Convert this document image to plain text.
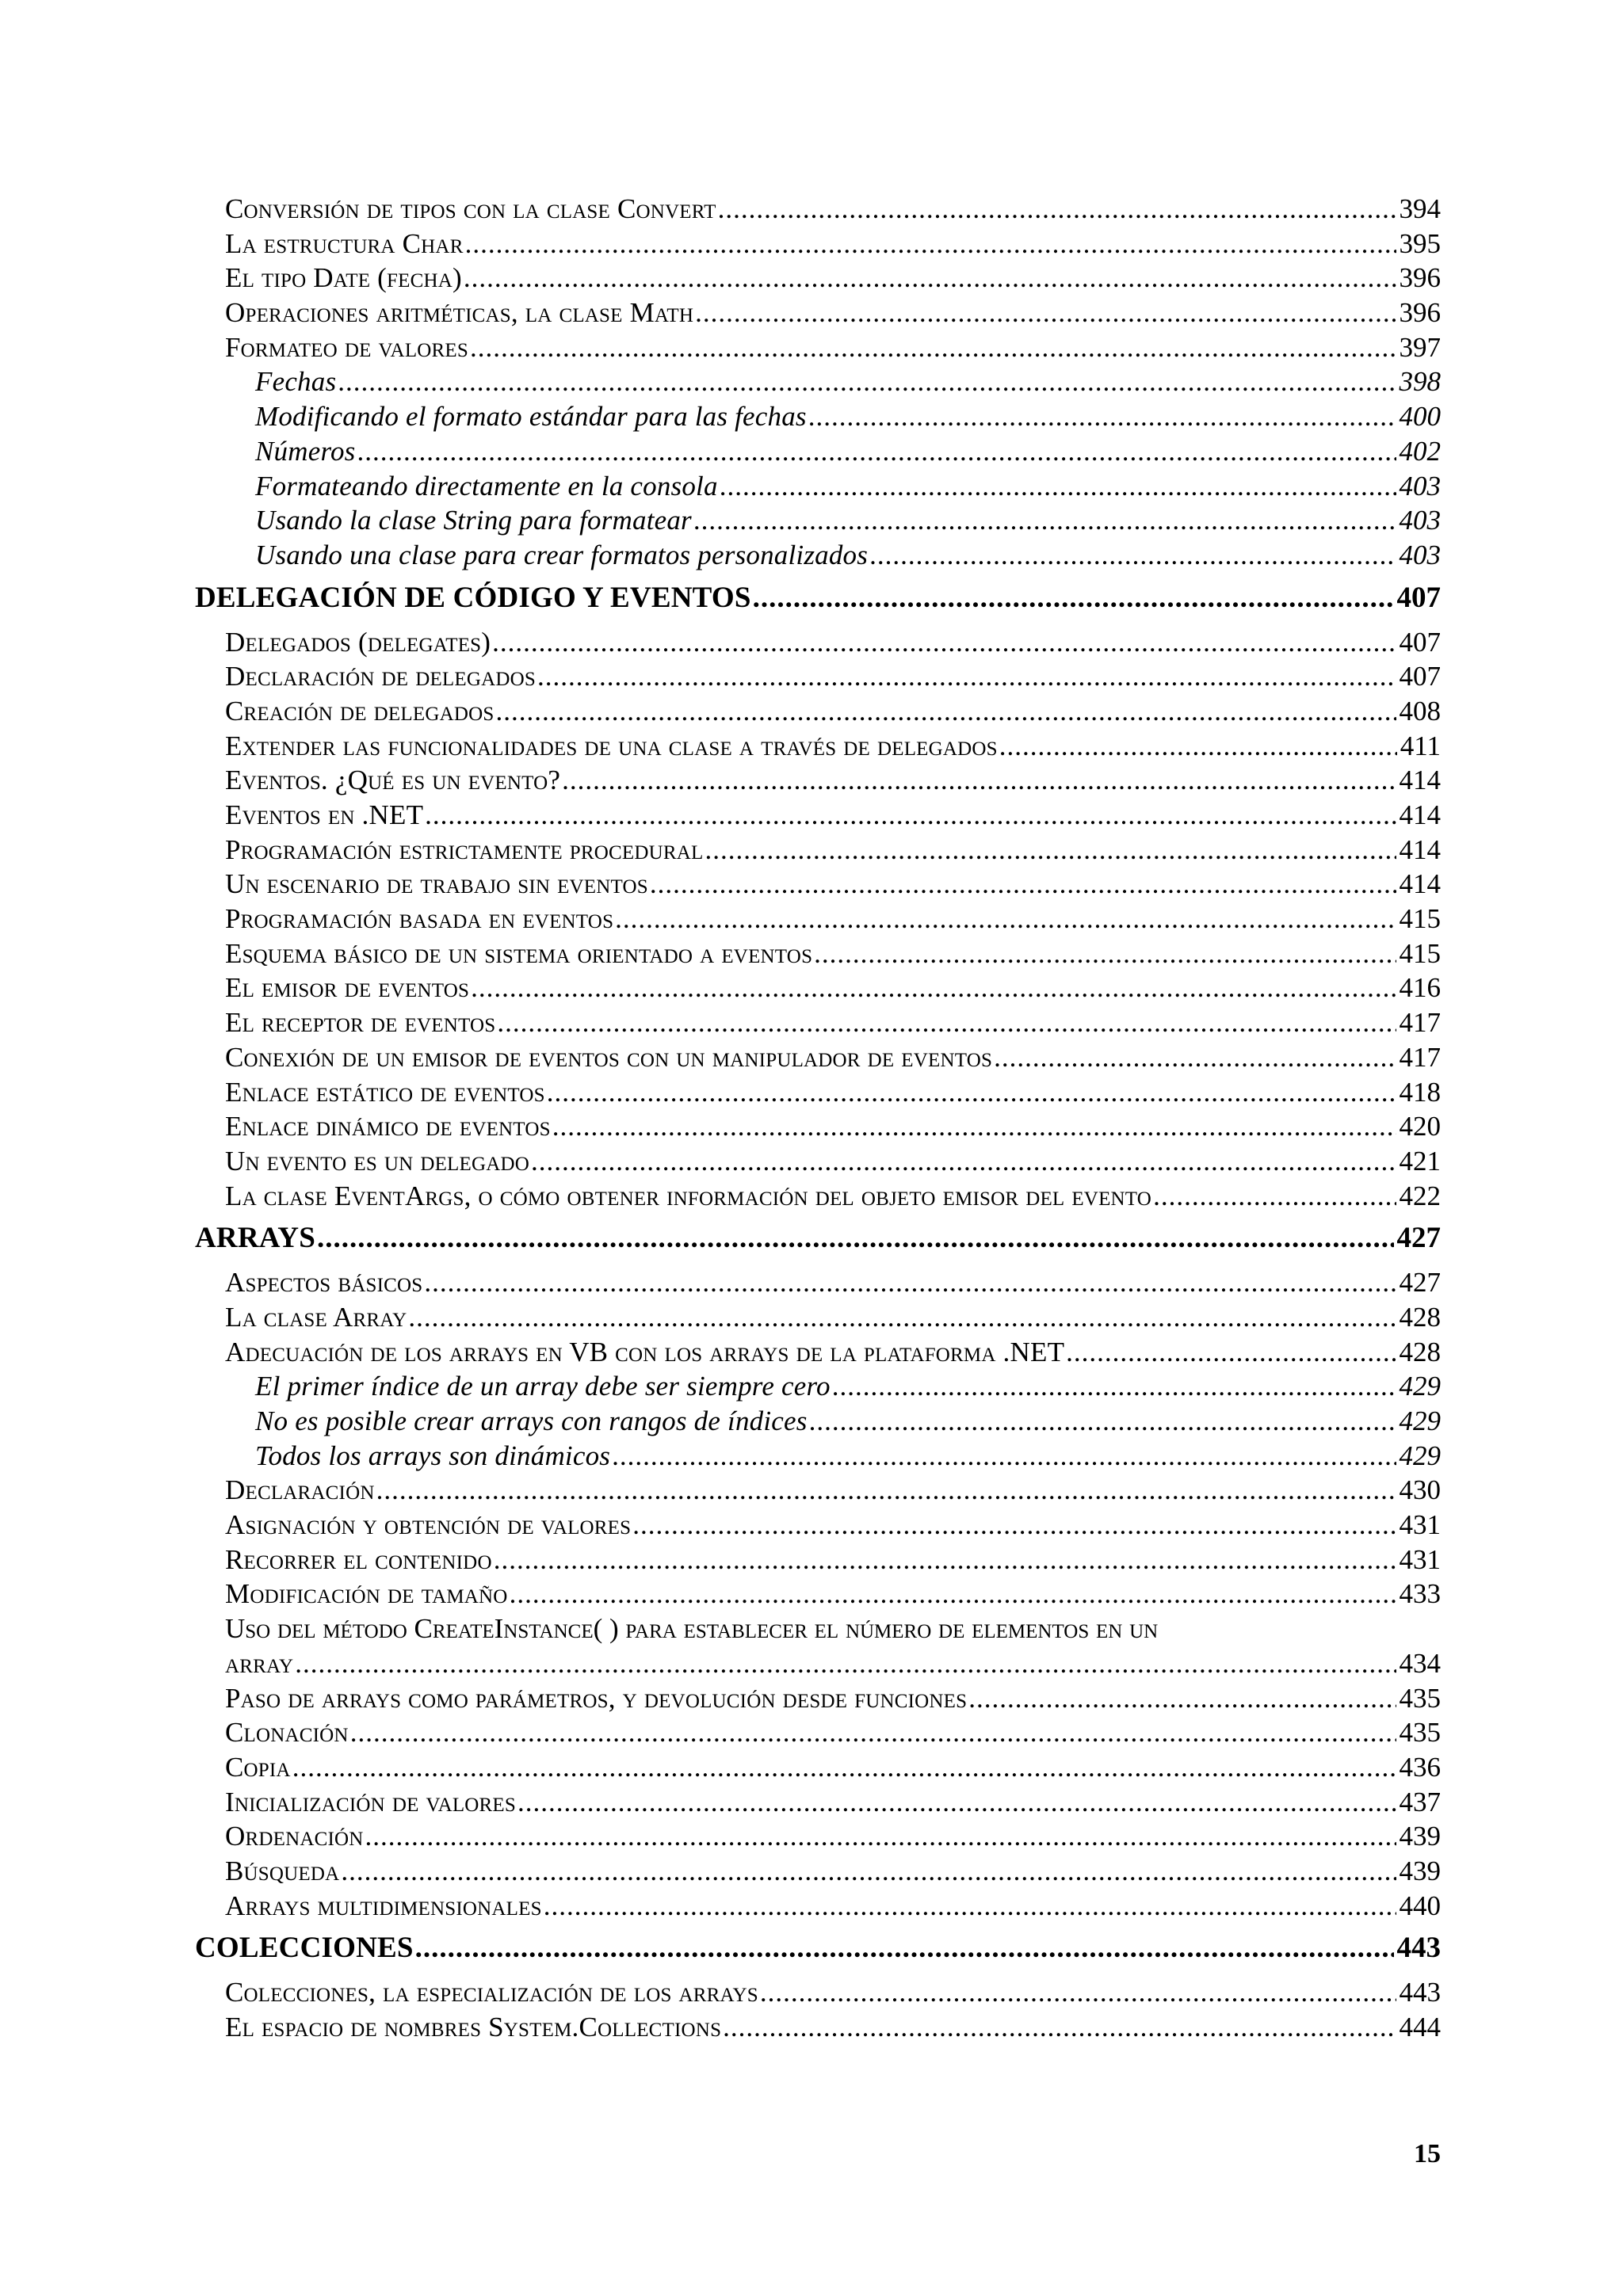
Conversión de tipos con la clase Convert .....	394
La estructura Char .....	395
El tipo Date (fecha) .....	396
Operaciones aritméticas, la clase Math .....	396
Formateo de valores .....	397
Fechas .....	398
Modificando el formato estándar para las fechas .....	400
Números .....	402
Formateando directamente en la consola .....	403
Usando la clase String para formatear .....	403
Usando una clase para crear formatos personalizados .....	403
DELEGACIÓN DE CÓDIGO Y EVENTOS .....	407
Delegados (delegates) .....	407
Declaración de delegados .....	407
Creación de delegados .....	408
Extender las funcionalidades de una clase a través de delegados .....	411
Eventos. ¿Qué es un evento? .....	414
Eventos en .NET .....	414
Programación estrictamente procedural .....	414
Un escenario de trabajo sin eventos .....	414
Programación basada en eventos .....	415
Esquema básico de un sistema orientado a eventos .....	415
El emisor de eventos .....	416
El receptor de eventos .....	417
Conexión de un emisor de eventos con un manipulador de eventos .....	417
Enlace estático de eventos .....	418
Enlace dinámico de eventos .....	420
Un evento es un delegado .....	421
La clase EventArgs, o cómo obtener información del objeto emisor del evento .....	422
ARRAYS .....	427
Aspectos básicos .....	427
La clase Array .....	428
Adecuación de los arrays en VB con los arrays de la plataforma .NET .....	428
El primer índice de un array debe ser siempre cero .....	429
No es posible crear arrays con rangos de índices .....	429
Todos los arrays son dinámicos .....	429
Declaración .....	430
Asignación y obtención de valores .....	431
Recorrer el contenido .....	431
Modificación de tamaño .....	433
Uso del método CreateInstance( ) para establecer el número de elementos en un
array .....	434
Paso de arrays como parámetros, y devolución desde funciones .....	435
Clonación .....	435
Copia .....	436
Inicialización de valores .....	437
Ordenación .....	439
Búsqueda .....	439
Arrays multidimensionales .....	440
COLECCIONES .....	443
Colecciones, la especialización de los arrays .....	443
El espacio de nombres System.Collections .....	444
15
